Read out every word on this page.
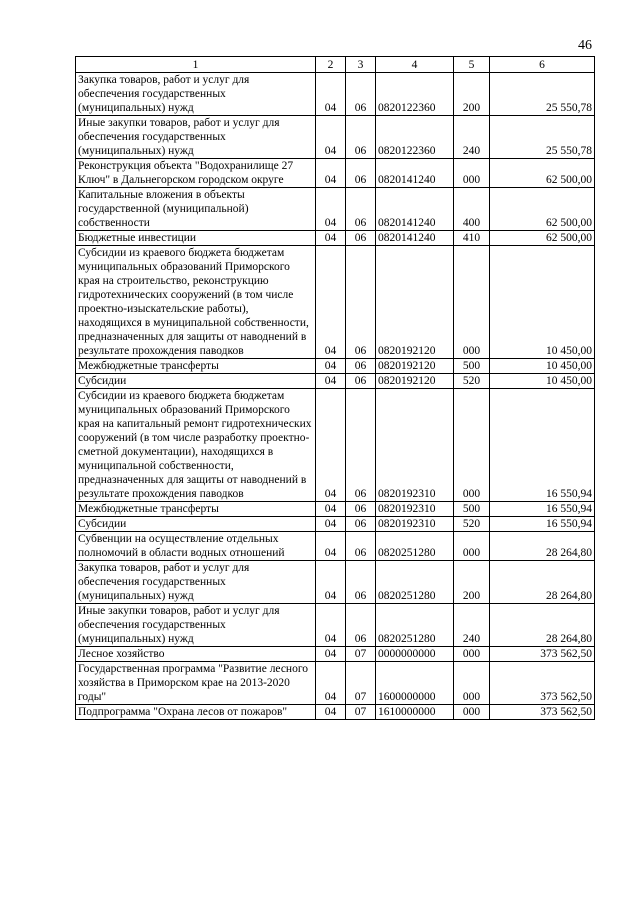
46
1	2	3	4	5	6
Закупка товаров, работ и услуг для обеспечения государственных (муниципальных) нужд	04	06	0820122360	200	25 550,78
Иные закупки товаров, работ и услуг для обеспечения государственных (муниципальных) нужд	04	06	0820122360	240	25 550,78
Реконструкция объекта "Водохранилище 27 Ключ" в Дальнегорском городском округе	04	06	0820141240	000	62 500,00
Капитальные вложения в объекты государственной (муниципальной) собственности	04	06	0820141240	400	62 500,00
Бюджетные инвестиции	04	06	0820141240	410	62 500,00
Субсидии из краевого бюджета бюджетам муниципальных образований Приморского края на строительство, реконструкцию гидротехнических сооружений (в том числе проектно-изыскательские работы), находящихся в муниципальной собственности, предназначенных для защиты от наводнений в результате прохождения паводков	04	06	0820192120	000	10 450,00
Межбюджетные трансферты	04	06	0820192120	500	10 450,00
Субсидии	04	06	0820192120	520	10 450,00
Субсидии из краевого бюджета бюджетам муниципальных образований Приморского края на капитальный ремонт гидротехнических сооружений (в том числе разработку проектно-сметной документации), находящихся в муниципальной собственности, предназначенных для защиты от наводнений в результате прохождения паводков	04	06	0820192310	000	16 550,94
Межбюджетные трансферты	04	06	0820192310	500	16 550,94
Субсидии	04	06	0820192310	520	16 550,94
Субвенции на осуществление отдельных полномочий в области водных отношений	04	06	0820251280	000	28 264,80
Закупка товаров, работ и услуг для обеспечения государственных (муниципальных) нужд	04	06	0820251280	200	28 264,80
Иные закупки товаров, работ и услуг для обеспечения государственных (муниципальных) нужд	04	06	0820251280	240	28 264,80
Лесное хозяйство	04	07	0000000000	000	373 562,50
Государственная программа "Развитие лесного хозяйства в Приморском крае на 2013-2020 годы"	04	07	1600000000	000	373 562,50
Подпрограмма "Охрана лесов от пожаров"	04	07	1610000000	000	373 562,50
